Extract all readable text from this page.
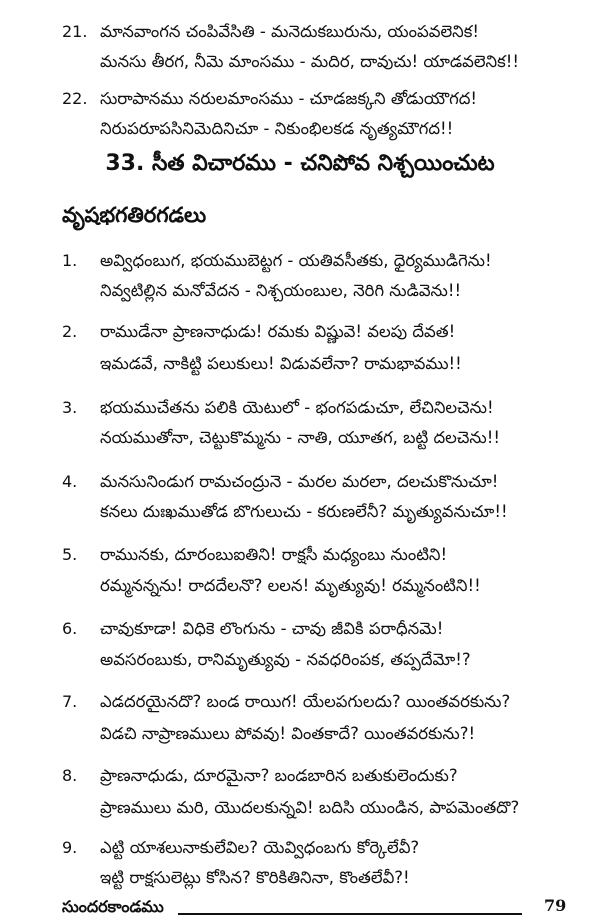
21. మానవాంగన చంపివేసితి - మనెదుకబురును, యంపవలెనిక!
మనసు తీరగ, నీమె మాంసము - మదిర, దావుచు! యాడవలెనిక!!
22. సురాపానము నరులమాంసము - చూడజక్కని తోడుయౌగద!
నిరుపరూపసినిమెదినిచూ - నికుంభిలకడ నృత్యమౌగద!!
33. సీత విచారము - చనిపోవ నిశ్చయించుట
వృషభగతిరగడలు
1. అవ్విధంబుగ, భయముబెట్టగ - యతివసీతకు, ధైర్యముడిగెను!
నివ్వటిల్లిన మనోవేదన - నిశ్చయంబుల, నెరిగి నుడివెను!!
2. రాముడేనా ప్రాణనాధుడు! రమకు విష్ణువె! వలపు దేవత!
ఇమడవే, నాకిట్టి పలుకులు! విడువలేనా? రామభావము!!
3. భయముచేతను పలికి యెటులో - భంగపడుచూ, లేచినిలచెను!
నయముతోనా, చెట్టుకొమ్మను - నాతి, యూతగ, బట్టి దలచెను!!
4. మనసునిండుగ రామచంద్రునె - మరల మరలా, దలచుకొనుచూ!
కనలు దుఃఖముతోడ బొగులుచు - కరుణలేనీ? మృత్యువనుచూ!!
5. రామునకు, దూరంబుఐతిని! రాక్షసీ మధ్యంబు నుంటిని!
రమ్మనన్నను! రాదదేలనొ? లలన! మృత్యువు! రమ్మనంటిని!!
6. చావుకూడా! విధికె లొంగును - చావు జీవికి పరాధీనమె!
అవసరంబుకు, రానిమృత్యువు - నవధరింపక, తప్పదేమో!?
7. ఎడదరయైనదొ? బండ రాయిగ! యేలపగులదు? యింతవరకును?
విడచి నాప్రాణములు పోవవు! వింతకాదే? యింతవరకును?!
8. ప్రాణనాధుడు, దూరమైనా? బండబారిన బతుకులెందుకు?
ప్రాణములు మరి, యొదలకున్నవి! బదిసి యుండిన, పాపమెంతదొ?
9. ఎట్టి యాశలునాకులేవిల? యెవ్విధంబగు కోర్కెలేవీ?
ఇట్టి రాక్షసులెట్లు కోసిన? కొరికితినినా, కొంతలేవీ?!
సుందరకాండము	79
